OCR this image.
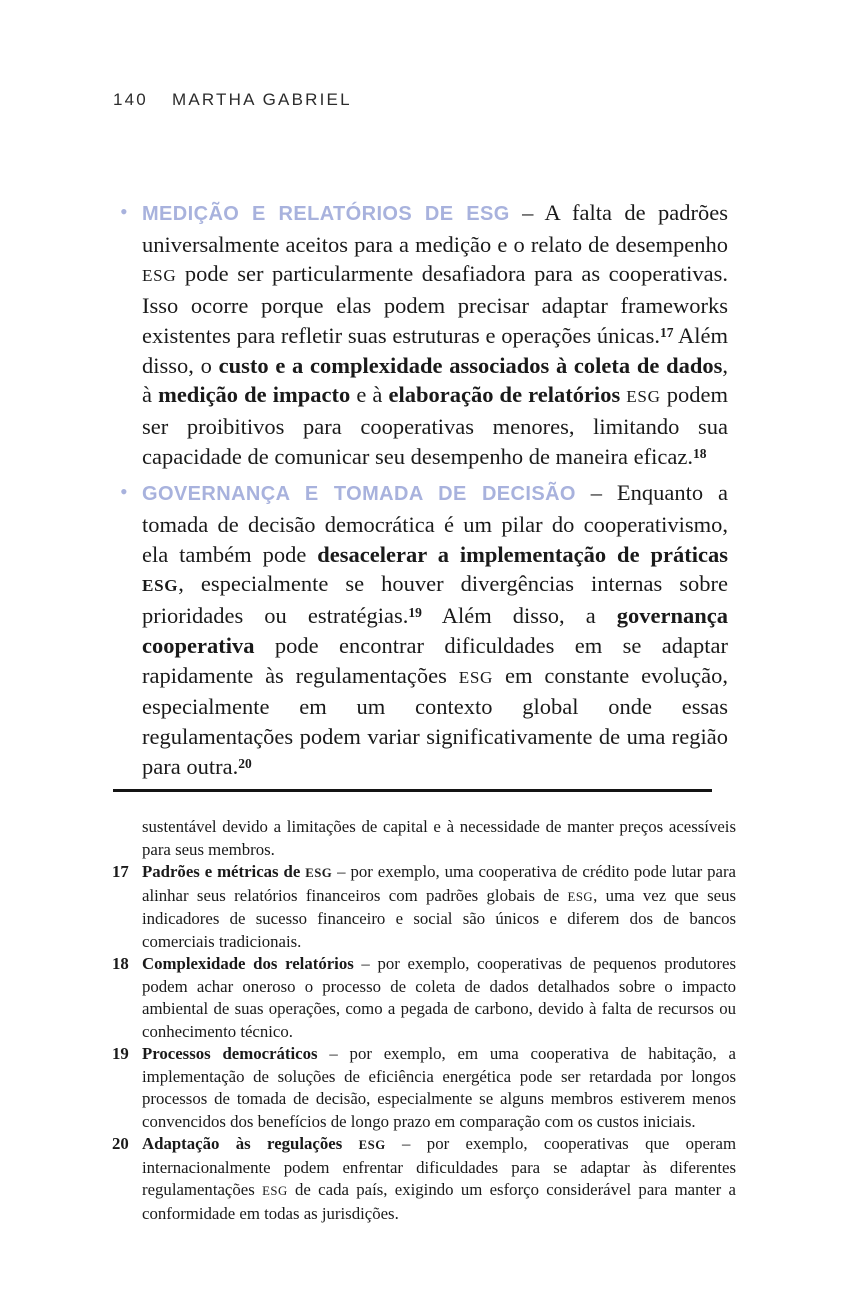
140 MARTHA GABRIEL
• MEDIÇÃO E RELATÓRIOS DE ESG – A falta de padrões universalmente aceitos para a medição e o relato de desempenho ESG pode ser particularmente desafiadora para as cooperativas. Isso ocorre porque elas podem precisar adaptar frameworks existentes para refletir suas estruturas e operações únicas.$^{17}$ Além disso, o custo e a complexidade associados à coleta de dados, à medição de impacto e à elaboração de relatórios ESG podem ser proibitivos para cooperativas menores, limitando sua capacidade de comunicar seu desempenho de maneira eficaz.$^{18}$
• GOVERNANÇA E TOMADA DE DECISÃO – Enquanto a tomada de decisão democrática é um pilar do cooperativismo, ela também pode desacelerar a implementação de práticas ESG, especialmente se houver divergências internas sobre prioridades ou estratégias.$^{19}$ Além disso, a governança cooperativa pode encontrar dificuldades em se adaptar rapidamente às regulamentações ESG em constante evolução, especialmente em um contexto global onde essas regulamentações podem variar significativamente de uma região para outra.$^{20}$

sustentável devido a limitações de capital e à necessidade de manter preços acessíveis para seus membros.

17 Padrões e métricas de ESG – por exemplo, uma cooperativa de crédito pode lutar para alinhar seus relatórios financeiros com padrões globais de ESG, uma vez que seus indicadores de sucesso financeiro e social são únicos e diferem dos de bancos comerciais tradicionais.
18 Complexidade dos relatórios – por exemplo, cooperativas de pequenos produtores podem achar oneroso o processo de coleta de dados detalhados sobre o impacto ambiental de suas operações, como a pegada de carbono, devido à falta de recursos ou conhecimento técnico.
19 Processos democráticos – por exemplo, em uma cooperativa de habitação, a implementação de soluções de eficiência energética pode ser retardada por longos processos de tomada de decisão, especialmente se alguns membros estiverem menos convencidos dos benefícios de longo prazo em comparação com os custos iniciais.
20 Adaptação às regulações ESG – por exemplo, cooperativas que operam internacionalmente podem enfrentar dificuldades para se adaptar às diferentes regulamentações ESG de cada país, exigindo um esforço considerável para manter a conformidade em todas as jurisdições.
